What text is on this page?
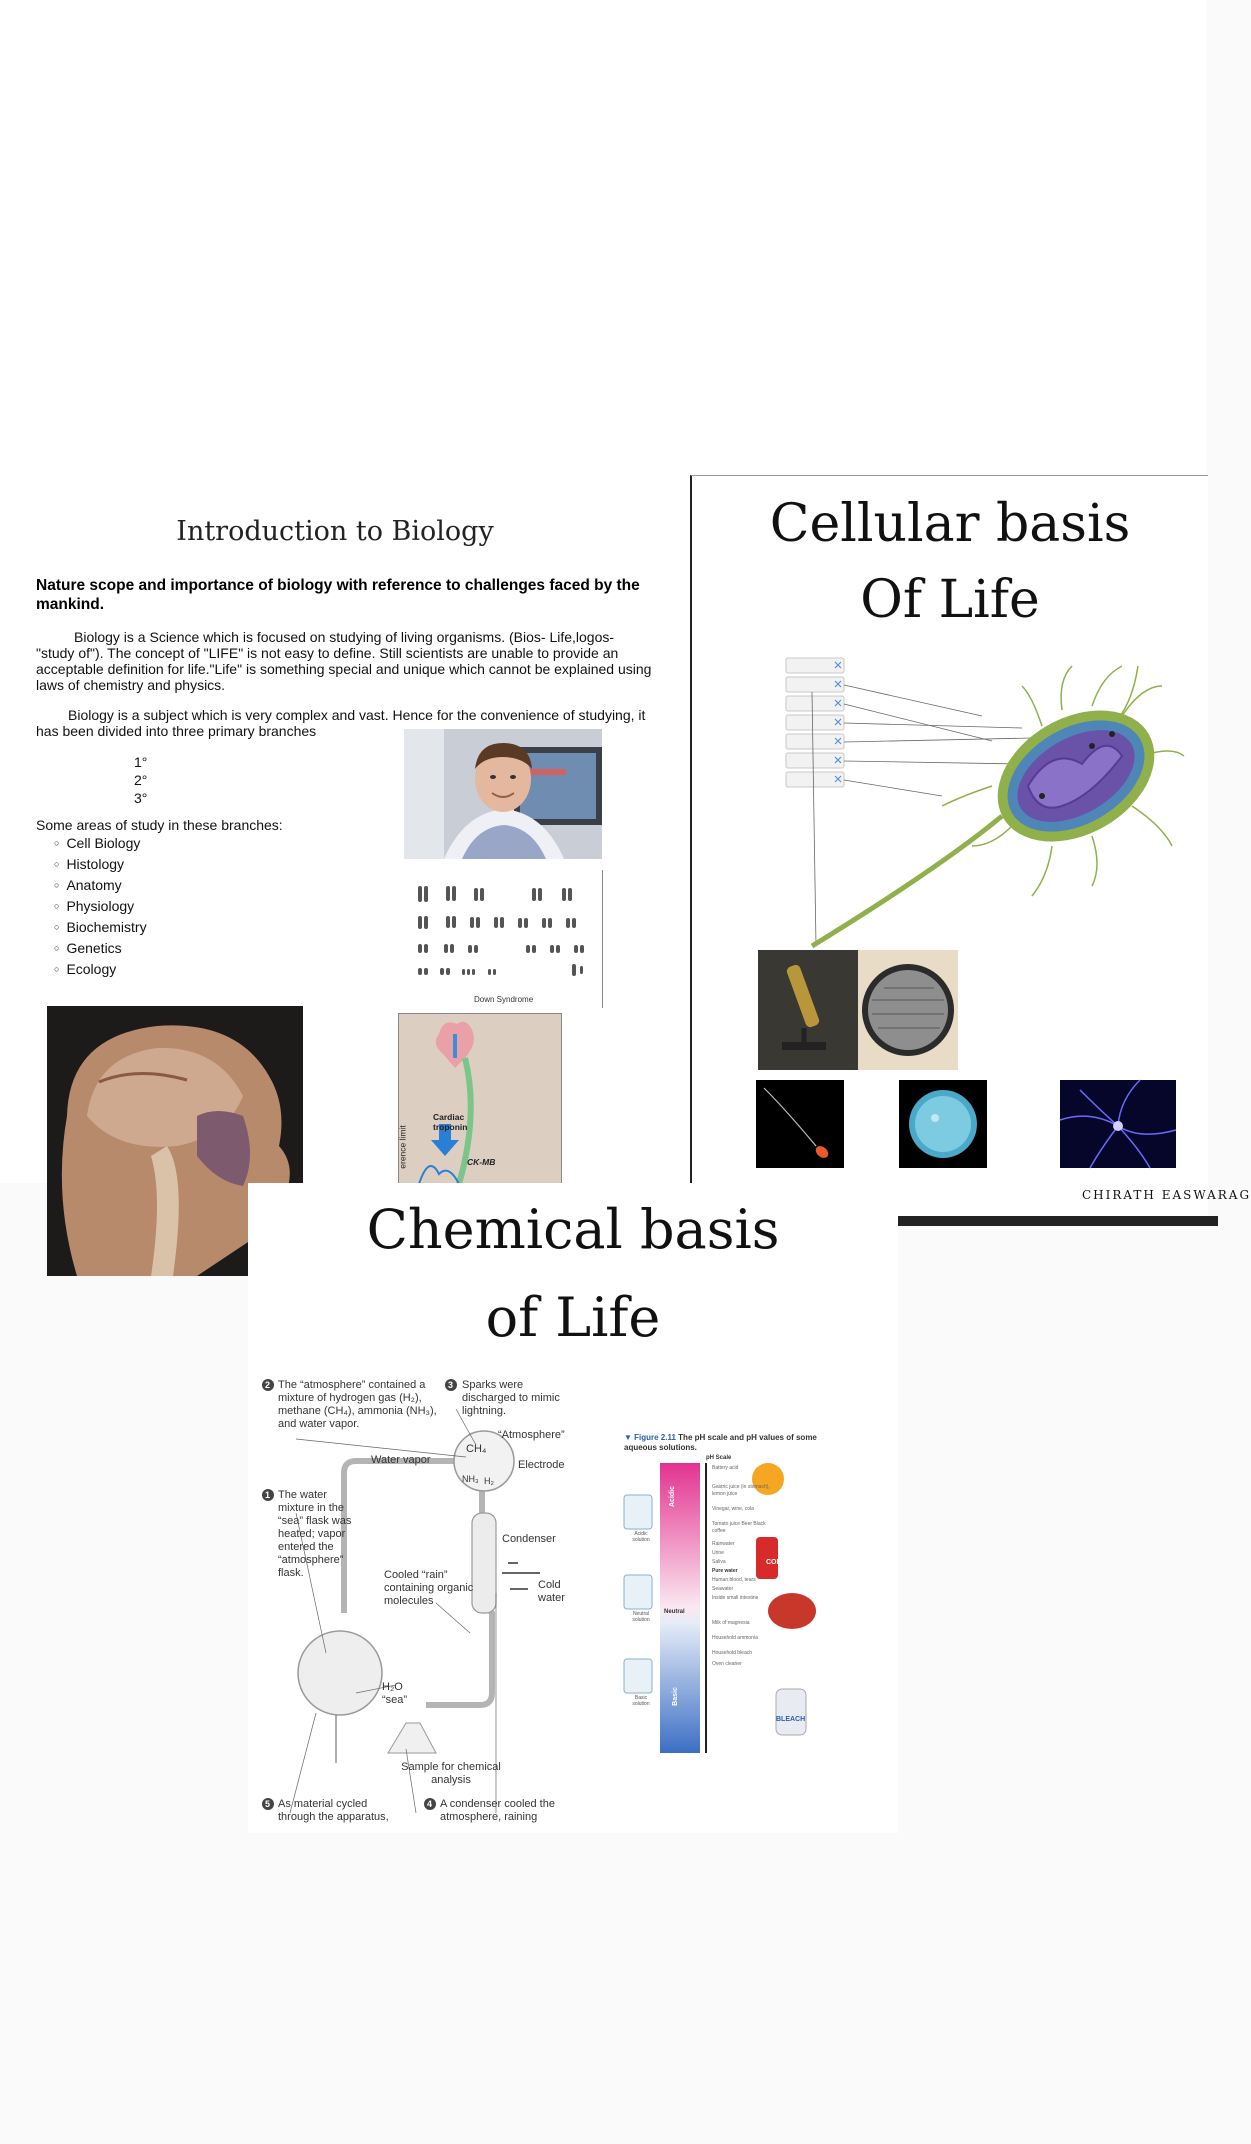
Introduction to Biology
Nature scope and importance of biology with reference to challenges faced by the mankind.
Biology is a Science which is focused on studying of living organisms. (Bios- Life,logos- "study of"). The concept of "LIFE" is not easy to define. Still scientists are unable to provide an acceptable definition for life."Life" is something special and unique which cannot be explained using laws of chemistry and physics.
Biology is a subject which is very complex and vast. Hence for the convenience of studying, it has been divided into three primary branches
1°
2°
3°
Some areas of study in these branches:
○ Cell Biology
○ Histology
○ Anatomy
○ Physiology
○ Biochemistry
○ Genetics
○ Ecology
Down Syndrome
Cardiac
troponin
CK-MB
erence limit
Cellular basis
Of Life
CHIRATH EASWARAG
Chemical basis
of Life
2 The “atmosphere” contained a mixture of hydrogen gas (H₂), methane (CH₄), ammonia (NH₃), and water vapor.
3 Sparks were discharged to mimic lightning.
“Atmosphere”
Water vapor
CH₄
Electrode
1 The water mixture in the “sea” flask was heated; vapor entered the “atmosphere” flask.
NH₃ H₂
Condenser
Cold water
Cooled “rain” containing organic molecules
H₂O “sea”
Sample for chemical analysis
5 As material cycled through the apparatus,
4 A condenser cooled the atmosphere, raining
▼ Figure 2.11 The pH scale and pH values of some aqueous solutions.
pH Scale
COLA
BLEACH
Acidic
Neutral
Basic
Acidic solution
Neutral solution
Basic solution
Battery acid
Gastric juice (in stomach), lemon juice
Vinegar, wine, cola
Tomato juice Beer Black coffee
Rainwater
Urine
Saliva
Pure water
Human blood, tears
Seawater
Inside small intestine
Milk of magnesia
Household ammonia
Household bleach
Oven cleaner
